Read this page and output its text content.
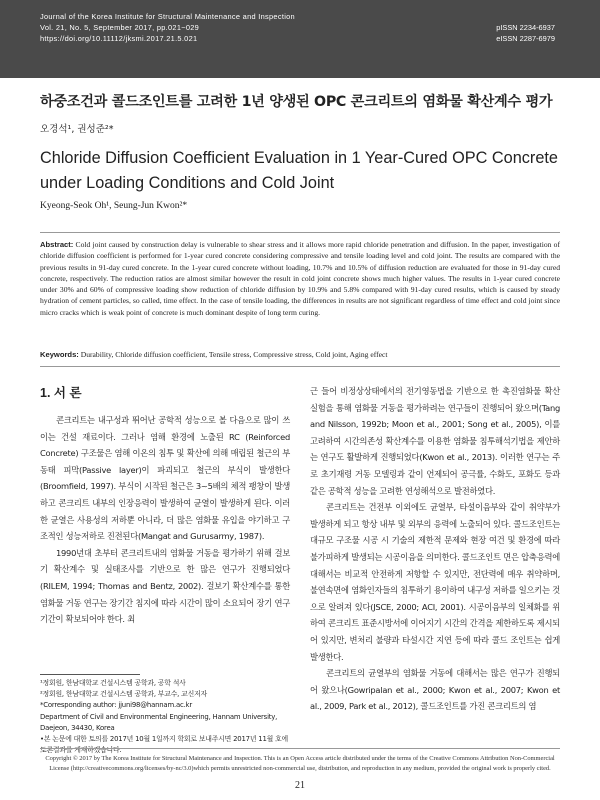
Journal of the Korea Institute for Structural Maintenance and Inspection
Vol. 21, No. 5, September 2017, pp.021~029
https://doi.org/10.11112/jksmi.2017.21.5.021
pISSN 2234-6937
eISSN 2287-6979
하중조건과 콜드조인트를 고려한 1년 양생된 OPC 콘크리트의 염화물 확산계수 평가
오경석¹, 권성준²*
Chloride Diffusion Coefficient Evaluation in 1 Year-Cured OPC Concrete under Loading Conditions and Cold Joint
Kyeong-Seok Oh¹, Seung-Jun Kwon²*
Abstract: Cold joint caused by construction delay is vulnerable to shear stress and it allows more rapid chloride penetration and diffusion. In the paper, investigation of chloride diffusion coefficient is performed for 1-year cured concrete considering compressive and tensile loading level and cold joint. The results are compared with the previous results in 91-day cured concrete. In the 1-year cured concrete without loading, 10.7% and 10.5% of diffusion reduction are evaluated for those in 91-day cured concrete, respectively. The reduction ratios are almost similar however the result in cold joint concrete shows much higher values. The results in 1-year cured concrete under 30% and 60% of compressive loading show reduction of chloride diffusion by 10.9% and 5.8% compared with 91-day cured results, which is caused by steady hydration of cement particles, so called, time effect. In the case of tensile loading, the differences in results are not significant regardless of time effect and cold joint since micro cracks which is weak point of concrete is much dominant despite of long term curing.
Keywords: Durability, Chloride diffusion coefficient, Tensile stress, Compressive stress, Cold joint, Aging effect
1. 서 론

콘크리트는 내구성과 뛰어난 공학적 성능으로 볼 다음으로 많이 쓰이는 건설 재료이다. 그러나 염해 환경에 노출된 RC (Reinforced Concrete) 구조물은 염해 이온의 침투 및 확산에 의해 매립된 철근의 부동태 피막(Passive layer)이 파괴되고 철근의 부식이 발생한다(Broomfield, 1997). 부식이 시작된 철근은 3~5배의 체적 팽창이 발생하고 콘크리트 내부의 인장응력이 발생하여 균열이 발생하게 된다. 이러한 균열은 사용성의 저하뿐 아니라, 더 많은 염화물 유입을 야기하고 구조적인 성능저하로 진전된다(Mangat and Gurusarmy, 1987).

1990년대 초부터 콘크리트내의 염화물 거동을 평가하기 위해 걸보기 확산계수 및 실태조사를 기반으로 한 많은 연구가 진행되었다(RILEM, 1994; Thomas and Bentz, 2002). 걸보기 확산계수를 통한 염화물 거동 연구는 장기간 침지에 따라 시간이 많이 소요되어 장기 연구 기간이 확보되어야 한다. 최

근 들어 비정상상태에서의 전기영동법을 기반으로 한 촉진염화물 확산 실험을 통해 염화물 거동을 평가하려는 연구들이 진행되어 왔으며(Tang and Nilsson, 1992b; Moon et al., 2001; Song et al., 2005), 이를 고려하여 시간의존성 확산계수를 이용한 염화물 침투해석기법을 제안하는 연구도 활발하게 진행되었다(Kwon et al., 2013). 이러한 연구는 주로 초기재령 거동 모델링과 같이 언제되어 공극률, 수화도, 포화도 등과 같은 공학적 성능을 고려한 연성해석으로 발전하였다.

콘크리트는 건전부 이외에도 균열부, 타설이음부와 같이 취약부가 발생하게 되고 항상 내부 및 외부의 응력에 노출되어 있다. 콜드조인트는 대규모 구조물 시공 시 기술의 제한적 문제와 현장 여건 및 환경에 따라 불가피하게 발생되는 시공이음을 의미한다. 콜드조인트 면은 압축응력에 대해서는 비교적 안전하게 저항할 수 있지만, 전단력에 매우 취약하며, 불연속면에 염화인자들의 침투하기 용이하여 내구성 저하를 일으키는 것으로 알려져 있다(JSCE, 2000; ACI, 2001). 시공이음부의 일체화를 위하여 콘크리트 표준시방서에 이어지기 시간의 간격을 제한하도록 제시되어 있지만, 변처리 불량과 타설시간 지연 등에 따라 콜드 조인트는 쉽게 발생한다.

콘크리트의 균열부의 염화물 거동에 대해서는 많은 연구가 진행되어 왔으나(Gowripalan et al., 2000; Kwon et al., 2007; Kwon et al., 2009, Park et al., 2012), 콜드조인트를 가진 콘크리트의 염

¹정회원, 한남대학교 건설시스템 공학과, 공학 석사

²정회원, 한남대학교 건설시스템 공학과, 부교수, 교신저자

*Corresponding author: jjuni98@hannam.ac.kr

Department of Civil and Environmental Engineering, Hannam University, Daejeon, 34430, Korea

•본 논문에 대한 토의를 2017년 10월 1일까지 학회로 보내주시면 2017년 11월 호에 토론결과를 게재하겠습니다.

Copyright © 2017 by The Korea Institute for Structural Maintenance and Inspection. This is an Open Access article distributed under the terms of the Creative Commons Attribution Non-Commercial License (http://creativecommons.org/licenses/by-nc/3.0)which permits unrestricted non-commercial use, distribution, and reproduction in any medium, provided the original work is properly cited.
21
